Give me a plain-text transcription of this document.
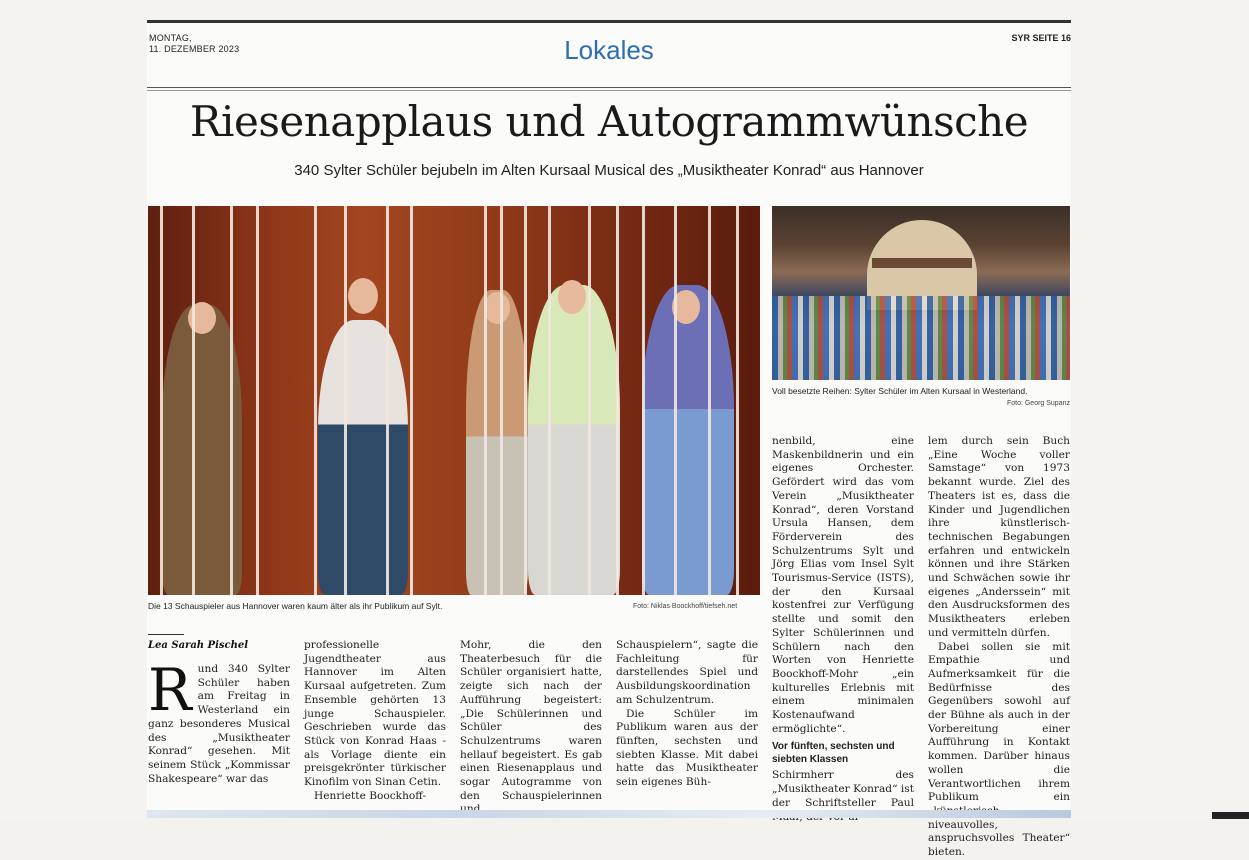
MONTAG,
11. DEZEMBER 2023	Lokales	SYR SEITE 16
Riesenapplaus und Autogrammwünsche
340 Sylter Schüler bejubeln im Alten Kursaal Musical des „Musiktheater Konrad“ aus Hannover
Die 13 Schauspieler aus Hannover waren kaum älter als ihr Publikum auf Sylt.	Foto: Niklas Boockhoff/tiefseh.net
Voll besetzte Reihen: Sylter Schüler im Alten Kursaal in Westerland.
Foto: Georg Supanz
Lea Sarah Pischel
R und 340 Sylter Schüler haben am Freitag in Westerland ein ganz besonderes Musical des „Musiktheater Konrad“ gesehen. Mit seinem Stück „Kommissar Shakespeare“ war das

professionelle Jugendtheater aus Hannover im Alten Kursaal aufgetreten. Zum Ensemble gehörten 13 junge Schauspieler. Geschrieben wurde das Stück von Konrad Haas - als Vorlage diente ein preisgekrönter türkischer Kinofilm von Sinan Cetin.

Henriette Boockhoff-

Mohr, die den Theaterbesuch für die Schüler organisiert hatte, zeigte sich nach der Aufführung begeistert: „Die Schülerinnen und Schüler des Schulzentrums waren hellauf begeistert. Es gab einen Riesenapplaus und sogar Autogramme von den Schauspielerinnen

Schauspielern“, sagte die Fachleitung für darstellendes Spiel und Ausbildungskoordination am Schulzentrum.

Die Schüler im Publikum waren aus der fünften, sechsten und siebten Klasse. Mit dabei hatte das Musiktheater sein eigenes Büh-

nenbild, eine Maskenbildnerin und ein eigenes Orchester. Gefördert wird das vom Verein „Musiktheater Konrad“, deren Vorstand Ursula Hansen, dem Förderverein des Schulzentrums Sylt und Jörg Elias vom Insel Sylt Tourismus-Service (ISTS), der den Kursaal kostenfrei zur Verfügung stellte und somit den Sylter Schülerinnen und Schülern nach den Worten von Henriette Boockhoff-Mohr „ein kulturelles Erlebnis mit einem minimalen Kostenaufwand ermöglichte“.

Vor fünften, sechsten und siebten Klassen

Schirmherr des „Musiktheater Konrad“ ist der Schriftsteller Paul

lem durch sein Buch „Eine Woche voller Samstage“ von 1973 bekannt wurde. Ziel des Theaters ist es, dass die Kinder und Jugendlichen ihre künstlerisch-technischen Begabungen erfahren und entwickeln können und ihre Stärken und Schwächen sowie ihr eigenes „Anderssein“ mit den Ausdrucksformen des Musiktheaters erleben und vermitteln dürfen.

Dabei sollen sie mit Empathie und Aufmerksamkeit für die Bedürfnisse des Gegenübers sowohl auf der Bühne als auch in der Vorbereitung einer Aufführung in Kontakt kommen. Darüber hinaus wollen die Verantwortlichen ihrem Publikum ein niveauvolles, anspruchsvolles Theater“ bieten.
